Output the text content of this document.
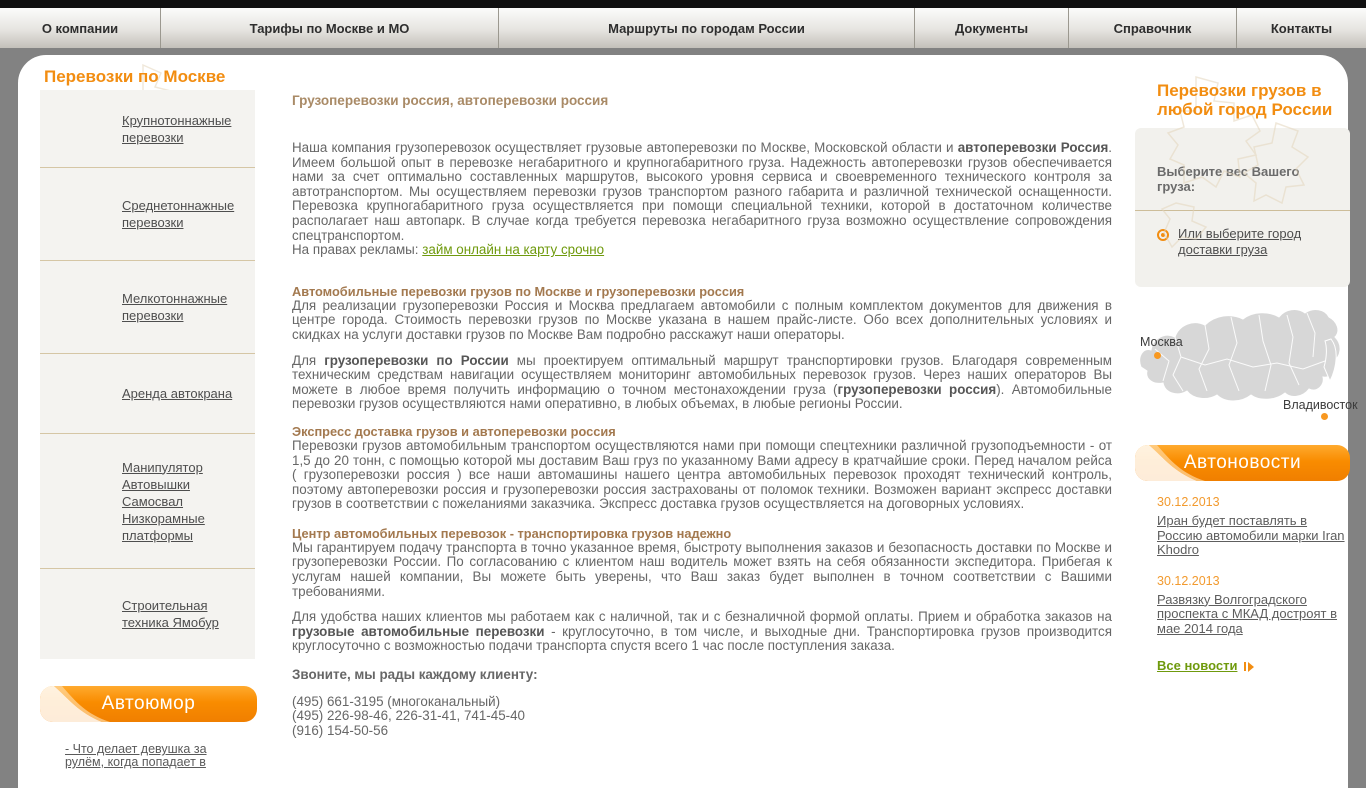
О компании	Тарифы по Москве и МО	Маршруты по городам России	Документы	Справочник	Контакты
Перевозки по Москве
Крупнотоннажные перевозки
Среднетоннажные перевозки
Мелкотоннажные перевозки
Аренда автокрана
Манипулятор Автовышки Самосвал Низкорамные платформы
Строительная техника Ямобур
Автоюмор
- Что делает девушка за рулём, когда попадает в
Грузоперевозки россия, автоперевозки россия

Наша компания грузоперевозок осуществляет грузовые автоперевозки по Москве, Московской области и автоперевозки Россия. Имеем большой опыт в перевозке негабаритного и крупногабаритного груза. Надежность автоперевозки грузов обеспечивается нами за счет оптимально составленных маршрутов, высокого уровня сервиса и своевременного технического контроля за автотранспортом. Мы осуществляем перевозки грузов транспортом разного габарита и различной технической оснащенности. Перевозка крупногабаритного груза осуществляется при помощи специальной техники, которой в достаточном количестве располагает наш автопарк. В случае когда требуется перевозка негабаритного груза возможно осуществление сопровождения спецтранспортом.

На правах рекламы: займ онлайн на карту срочно

Автомобильные перевозки грузов по Москве и грузоперевозки россия

Для реализации грузоперевозки Россия и Москва предлагаем автомобили с полным комплектом документов для движения в центре города. Стоимость перевозки грузов по Москве указана в нашем прайс-листе. Обо всех дополнительных условиях и скидках на услуги доставки грузов по Москве Вам подробно расскажут наши операторы.

Для грузоперевозки по России мы проектируем оптимальный маршрут транспортировки грузов. Благодаря современным техническим средствам навигации осуществляем мониторинг автомобильных перевозок грузов. Через наших операторов Вы можете в любое время получить информацию о точном местонахождении груза (грузоперевозки россия). Автомобильные перевозки грузов осуществляются нами оперативно, в любых объемах, в любые регионы России.

Экспресс доставка грузов и автоперевозки россия

Перевозки грузов автомобильным транспортом осуществляются нами при помощи спецтехники различной грузоподъемности - от 1,5 до 20 тонн, с помощью которой мы доставим Ваш груз по указанному Вами адресу в кратчайшие сроки. Перед началом рейса ( грузоперевозки россия ) все наши автомашины нашего центра автомобильных перевозок проходят технический контроль, поэтому автоперевозки россия и грузоперевозки россия застрахованы от поломок техники. Возможен вариант экспресс доставки грузов в соответствии с пожеланиями заказчика. Экспресс доставка грузов осуществляется на договорных условиях.

Центр автомобильных перевозок - транспортировка грузов надежно

Мы гарантируем подачу транспорта в точно указанное время, быстроту выполнения заказов и безопасность доставки по Москве и грузоперевозки России. По согласованию с клиентом наш водитель может взять на себя обязанности экспедитора. Прибегая к услугам нашей компании, Вы можете быть уверены, что Ваш заказ будет выполнен в точном соответствии с Вашими требованиями.

Для удобства наших клиентов мы работаем как с наличной, так и с безналичной формой оплаты. Прием и обработка заказов на грузовые автомобильные перевозки - круглосуточно, в том числе, и выходные дни. Транспортировка грузов производится круглосуточно с возможностью подачи транспорта спустя всего 1 час после поступления заказа.

Звоните, мы рады каждому клиенту:

(495) 661-3195 (многоканальный)
(495) 226-98-46, 226-31-41, 741-45-40
(916) 154-50-56

Перевозки грузов в любой город России
Выберите вес Вашего груза:
Или выберите город доставки груза
Москва
Владивосток
Автоновости
30.12.2013
Иран будет поставлять в Россию автомобили марки Iran Khodro
30.12.2013
Развязку Волгоградского проспекта с МКАД достроят в мае 2014 года
Все новости
